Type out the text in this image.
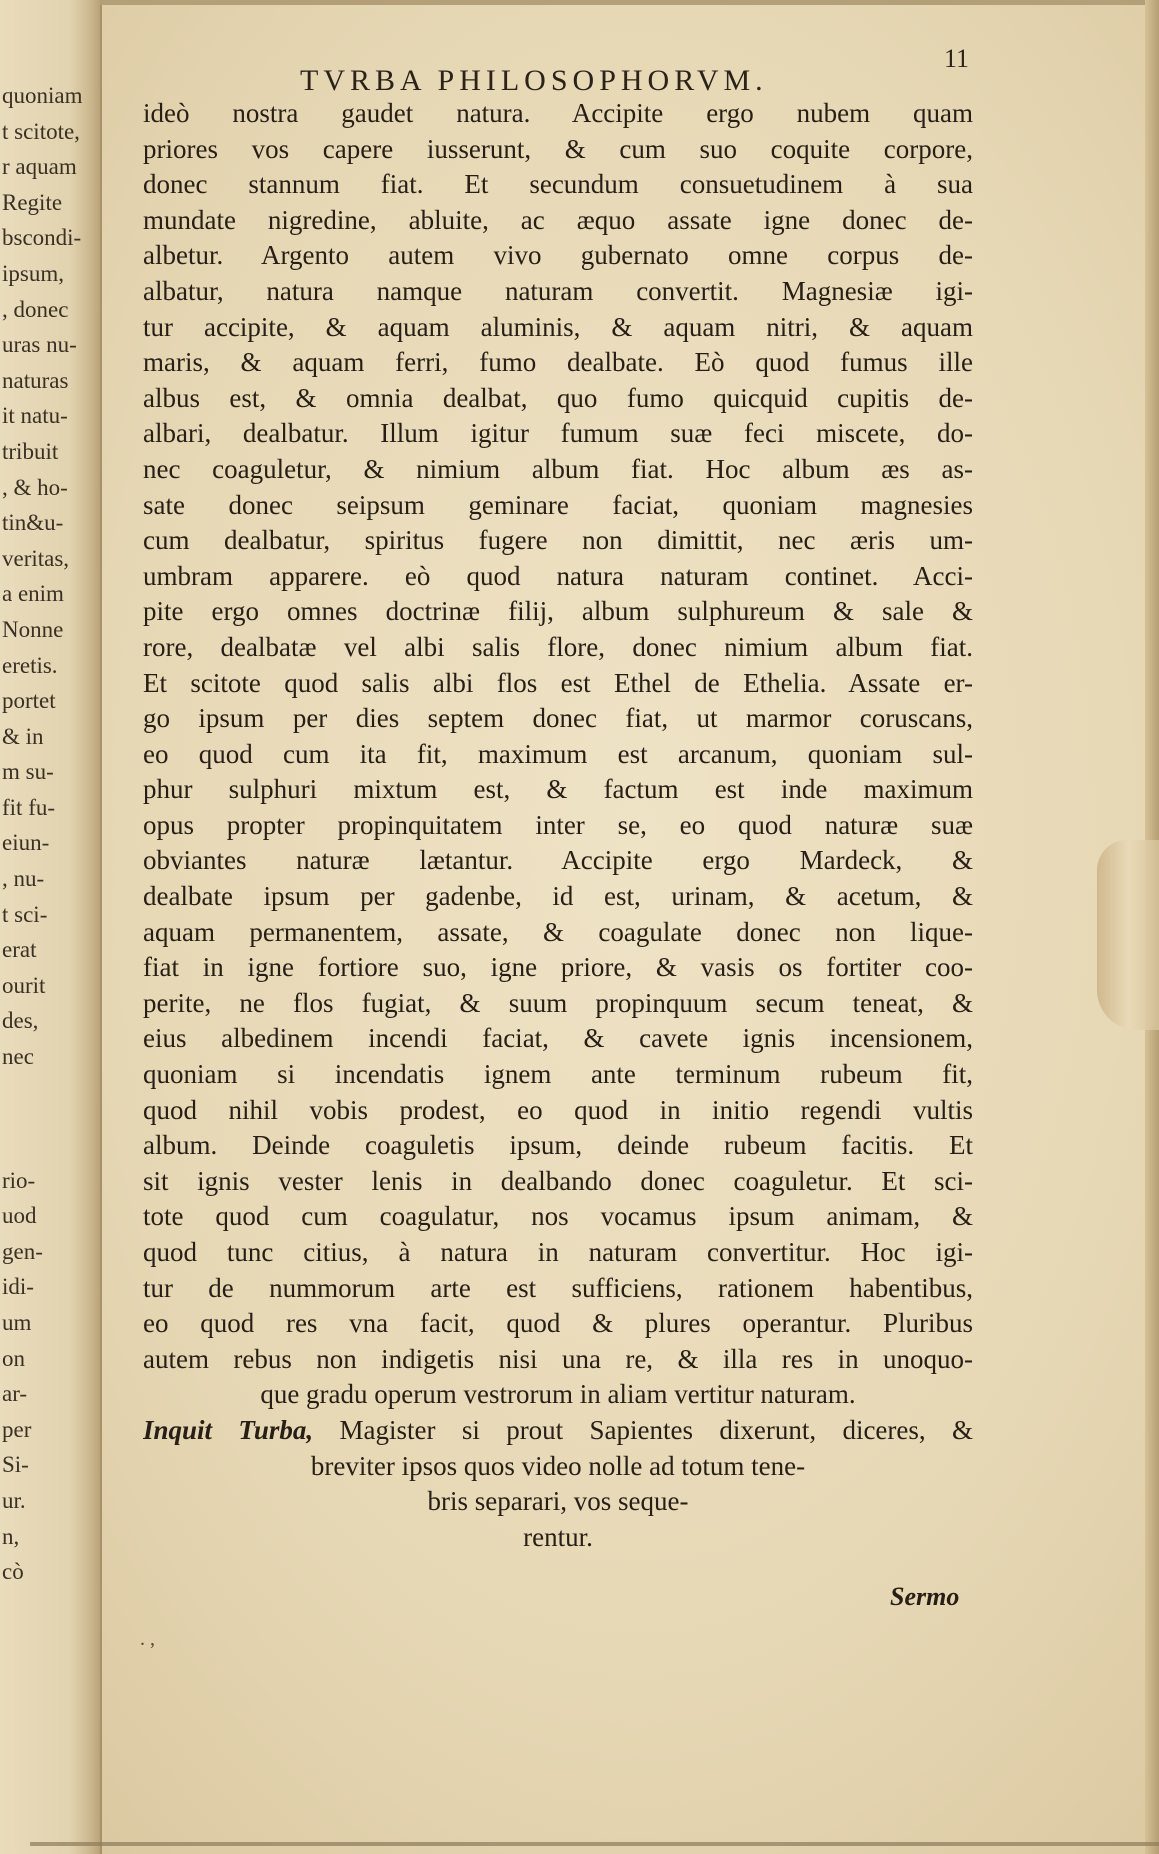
quoniam
t scitote,
r aquam
Regite
bscondi-
ipsum,
, donec
uras nu-
naturas
it natu-
tribuit
, & ho-
tin&u-
veritas,
a enim
Nonne
eretis.
portet
& in
m su-
fit fu-
eiun-
, nu-
t sci-
erat
ourit
des,
nec
rio-
uod
gen-
idi-
um
on
ar-
per
Si-
ur.
n,
cò
TVRBA PHILOSOPHORVM.
11
ideò nostra gaudet natura. Accipite ergo nubem quam
priores vos capere iusserunt, & cum suo coquite corpore,
donec stannum fiat. Et secundum consuetudinem à sua
mundate nigredine, abluite, ac æquo assate igne donec de-
albetur. Argento autem vivo gubernato omne corpus de-
albatur, natura namque naturam convertit. Magnesiæ igi-
tur accipite, & aquam aluminis, & aquam nitri, & aquam
maris, & aquam ferri, fumo dealbate. Eò quod fumus ille
albus est, & omnia dealbat, quo fumo quicquid cupitis de-
albari, dealbatur. Illum igitur fumum suæ feci miscete, do-
nec coaguletur, & nimium album fiat. Hoc album æs as-
sate donec seipsum geminare faciat, quoniam magnesies
cum dealbatur, spiritus fugere non dimittit, nec æris um-
umbram apparere. eò quod natura naturam continet. Acci-
pite ergo omnes doctrinæ filij, album sulphureum & sale &
rore, dealbatæ vel albi salis flore, donec nimium album fiat.
Et scitote quod salis albi flos est Ethel de Ethelia. Assate er-
go ipsum per dies septem donec fiat, ut marmor coruscans,
eo quod cum ita fit, maximum est arcanum, quoniam sul-
phur sulphuri mixtum est, & factum est inde maximum
opus propter propinquitatem inter se, eo quod naturæ suæ
obviantes naturæ lætantur. Accipite ergo Mardeck, &
dealbate ipsum per gadenbe, id est, urinam, & acetum, &
aquam permanentem, assate, & coagulate donec non lique-
fiat in igne fortiore suo, igne priore, & vasis os fortiter coo-
perite, ne flos fugiat, & suum propinquum secum teneat, &
eius albedinem incendi faciat, & cavete ignis incensionem,
quoniam si incendatis ignem ante terminum rubeum fit,
quod nihil vobis prodest, eo quod in initio regendi vultis
album. Deinde coaguletis ipsum, deinde rubeum facitis. Et
sit ignis vester lenis in dealbando donec coaguletur. Et sci-
tote quod cum coagulatur, nos vocamus ipsum animam, &
quod tunc citius, à natura in naturam convertitur. Hoc igi-
tur de nummorum arte est sufficiens, rationem habentibus,
eo quod res vna facit, quod & plures operantur. Pluribus
autem rebus non indigetis nisi una re, & illa res in unoquo-
que gradu operum vestrorum in aliam vertitur naturam.
Inquit Turba, Magister si prout Sapientes dixerunt, diceres, &
breviter ipsos quos video nolle ad totum tene-
bris separari, vos seque-
rentur.
Sermo
. ,
